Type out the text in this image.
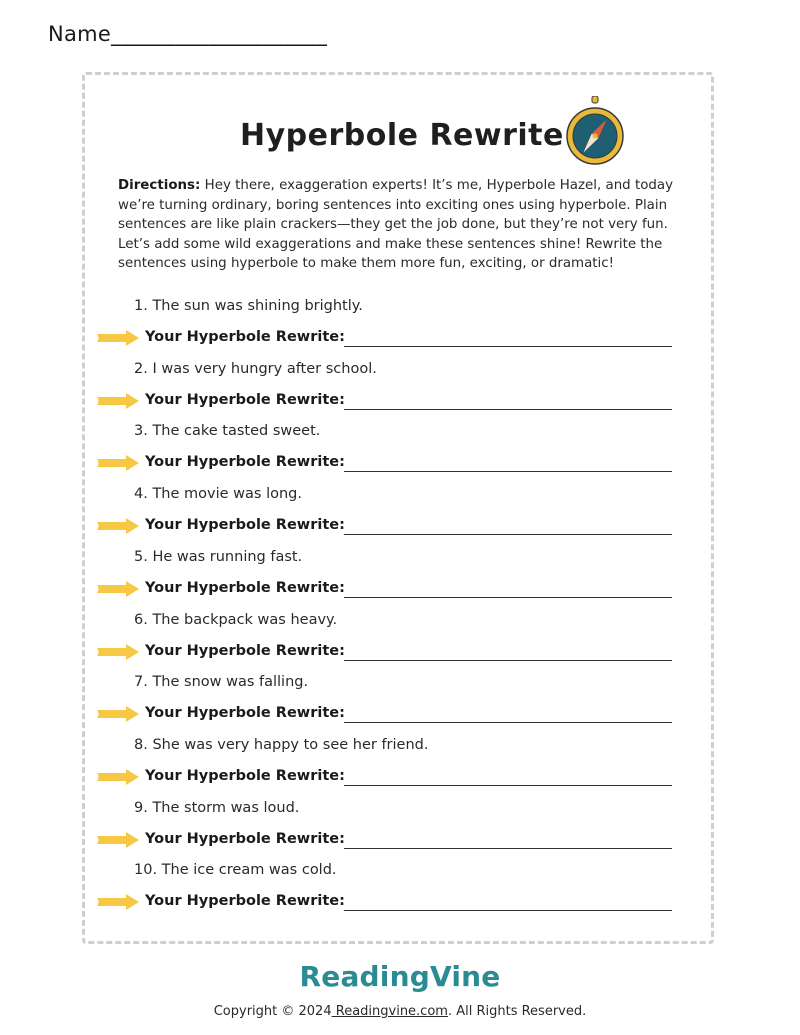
Name____________________
Hyperbole Rewrite
Directions: Hey there, exaggeration experts! It’s me, Hyperbole Hazel, and today we’re turning ordinary, boring sentences into exciting ones using hyperbole. Plain sentences are like plain crackers—they get the job done, but they’re not very fun. Let’s add some wild exaggerations and make these sentences shine! Rewrite the sentences using hyperbole to make them more fun, exciting, or dramatic!
1. The sun was shining brightly.
Your Hyperbole Rewrite:
2. I was very hungry after school.
Your Hyperbole Rewrite:
3. The cake tasted sweet.
Your Hyperbole Rewrite:
4. The movie was long.
Your Hyperbole Rewrite:
5. He was running fast.
Your Hyperbole Rewrite:
6. The backpack was heavy.
Your Hyperbole Rewrite:
7. The snow was falling.
Your Hyperbole Rewrite:
8. She was very happy to see her friend.
Your Hyperbole Rewrite:
9. The storm was loud.
Your Hyperbole Rewrite:
10. The ice cream was cold.
Your Hyperbole Rewrite:
ReadingVine
Copyright © 2024 Readingvine.com. All Rights Reserved.
